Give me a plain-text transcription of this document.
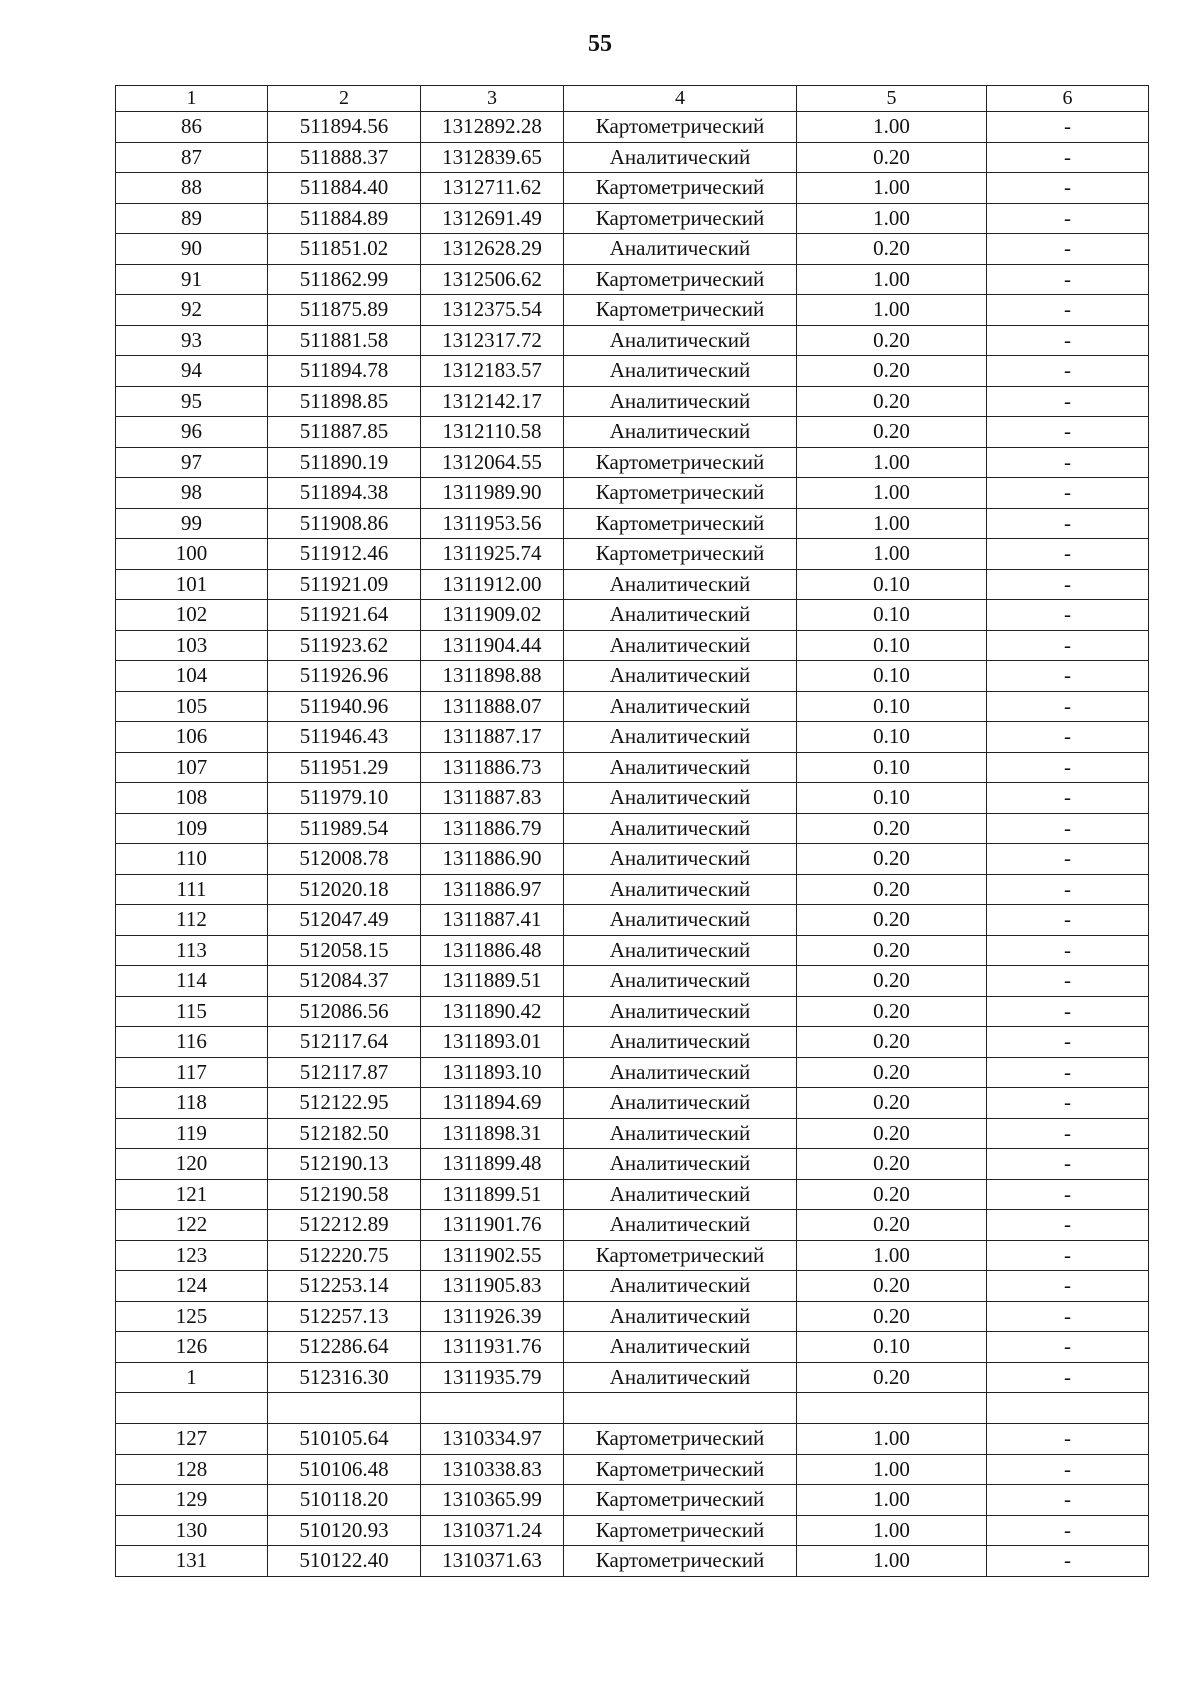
55
1	2	3	4	5	6
86	511894.56	1312892.28	Картометрический	1.00	-
87	511888.37	1312839.65	Аналитический	0.20	-
88	511884.40	1312711.62	Картометрический	1.00	-
89	511884.89	1312691.49	Картометрический	1.00	-
90	511851.02	1312628.29	Аналитический	0.20	-
91	511862.99	1312506.62	Картометрический	1.00	-
92	511875.89	1312375.54	Картометрический	1.00	-
93	511881.58	1312317.72	Аналитический	0.20	-
94	511894.78	1312183.57	Аналитический	0.20	-
95	511898.85	1312142.17	Аналитический	0.20	-
96	511887.85	1312110.58	Аналитический	0.20	-
97	511890.19	1312064.55	Картометрический	1.00	-
98	511894.38	1311989.90	Картометрический	1.00	-
99	511908.86	1311953.56	Картометрический	1.00	-
100	511912.46	1311925.74	Картометрический	1.00	-
101	511921.09	1311912.00	Аналитический	0.10	-
102	511921.64	1311909.02	Аналитический	0.10	-
103	511923.62	1311904.44	Аналитический	0.10	-
104	511926.96	1311898.88	Аналитический	0.10	-
105	511940.96	1311888.07	Аналитический	0.10	-
106	511946.43	1311887.17	Аналитический	0.10	-
107	511951.29	1311886.73	Аналитический	0.10	-
108	511979.10	1311887.83	Аналитический	0.10	-
109	511989.54	1311886.79	Аналитический	0.20	-
110	512008.78	1311886.90	Аналитический	0.20	-
111	512020.18	1311886.97	Аналитический	0.20	-
112	512047.49	1311887.41	Аналитический	0.20	-
113	512058.15	1311886.48	Аналитический	0.20	-
114	512084.37	1311889.51	Аналитический	0.20	-
115	512086.56	1311890.42	Аналитический	0.20	-
116	512117.64	1311893.01	Аналитический	0.20	-
117	512117.87	1311893.10	Аналитический	0.20	-
118	512122.95	1311894.69	Аналитический	0.20	-
119	512182.50	1311898.31	Аналитический	0.20	-
120	512190.13	1311899.48	Аналитический	0.20	-
121	512190.58	1311899.51	Аналитический	0.20	-
122	512212.89	1311901.76	Аналитический	0.20	-
123	512220.75	1311902.55	Картометрический	1.00	-
124	512253.14	1311905.83	Аналитический	0.20	-
125	512257.13	1311926.39	Аналитический	0.20	-
126	512286.64	1311931.76	Аналитический	0.10	-
1	512316.30	1311935.79	Аналитический	0.20	-

127	510105.64	1310334.97	Картометрический	1.00	-
128	510106.48	1310338.83	Картометрический	1.00	-
129	510118.20	1310365.99	Картометрический	1.00	-
130	510120.93	1310371.24	Картометрический	1.00	-
131	510122.40	1310371.63	Картометрический	1.00	-
